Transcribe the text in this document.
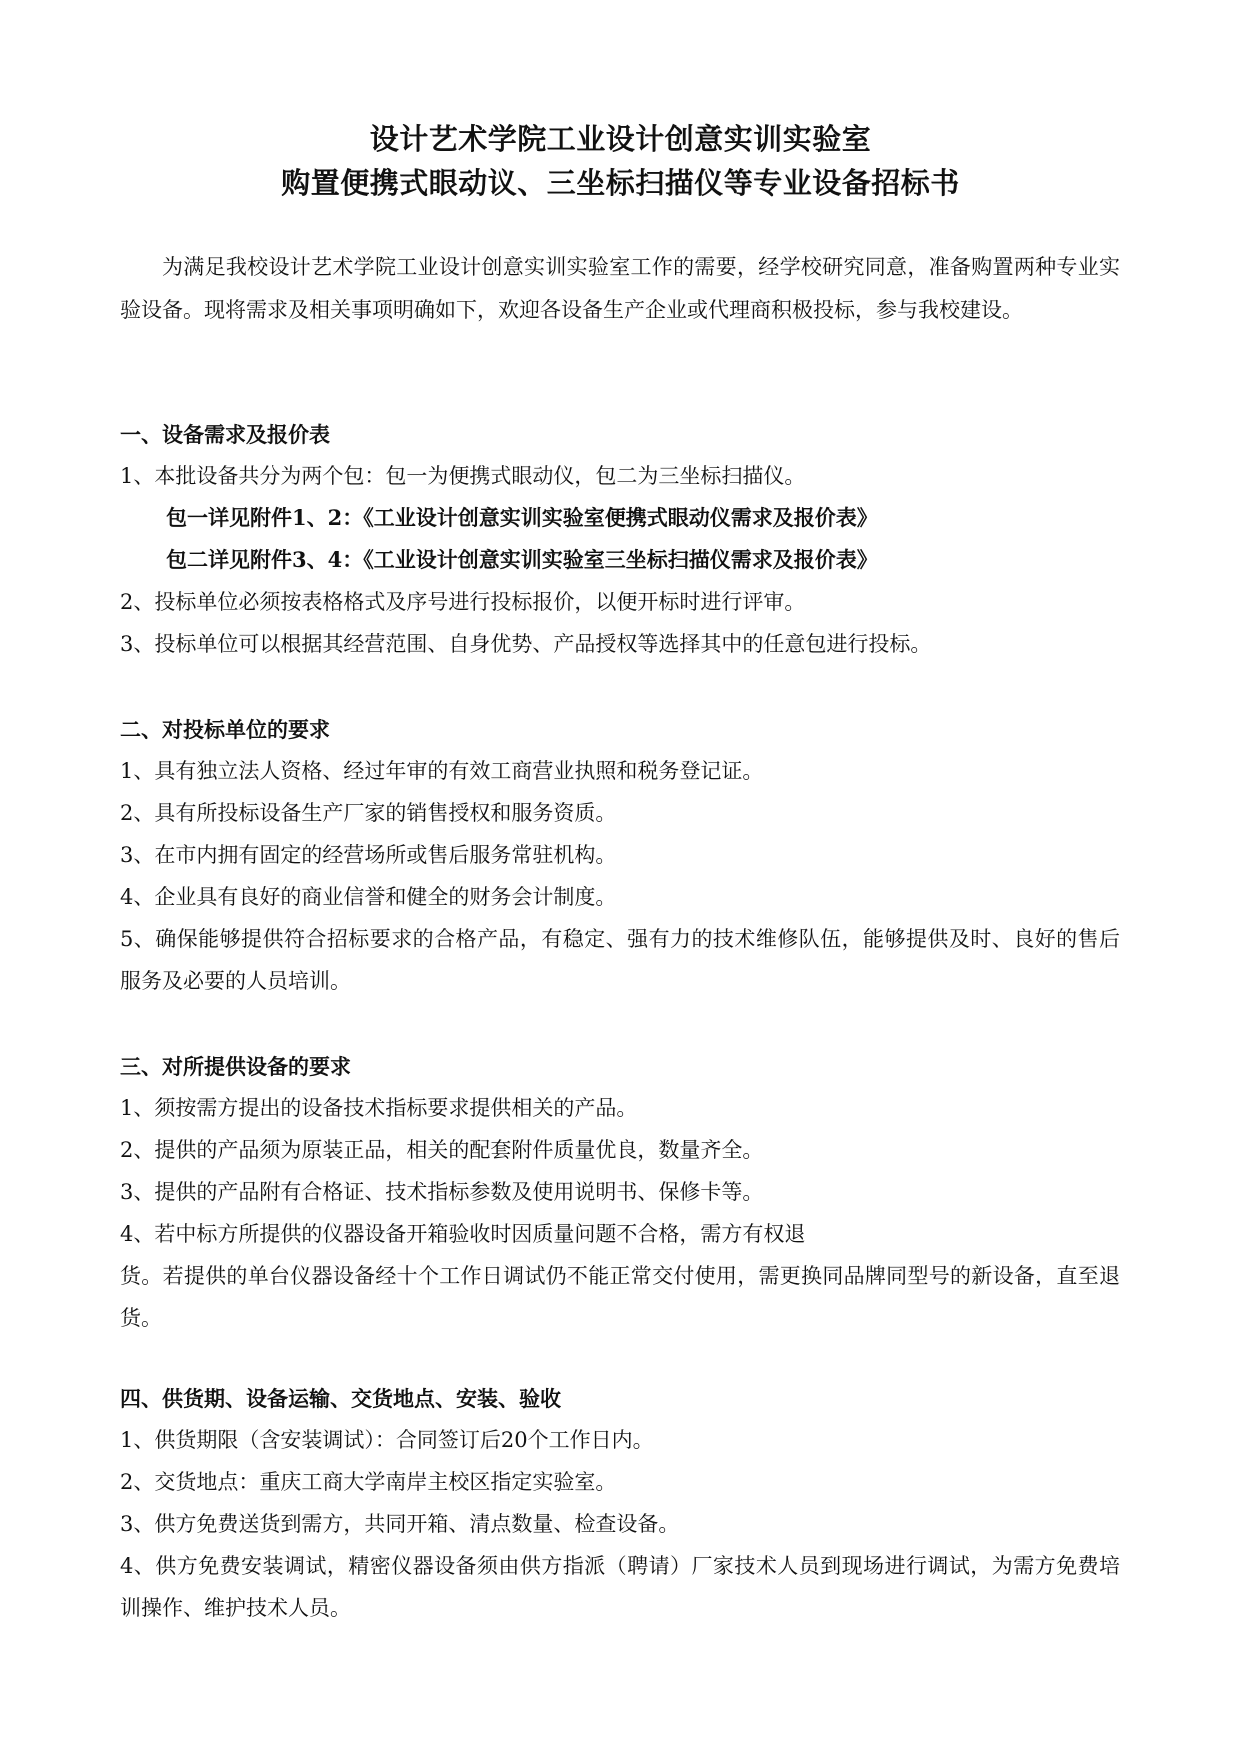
设计艺术学院工业设计创意实训实验室
购置便携式眼动议、三坐标扫描仪等专业设备招标书
为满足我校设计艺术学院工业设计创意实训实验室工作的需要，经学校研究同意，准备购置两种专业实验设备。现将需求及相关事项明确如下，欢迎各设备生产企业或代理商积极投标，参与我校建设。
一、设备需求及报价表
1、本批设备共分为两个包：包一为便携式眼动仪，包二为三坐标扫描仪。
包一详见附件1、2：《工业设计创意实训实验室便携式眼动仪需求及报价表》
包二详见附件3、4：《工业设计创意实训实验室三坐标扫描仪需求及报价表》
2、投标单位必须按表格格式及序号进行投标报价，以便开标时进行评审。
3、投标单位可以根据其经营范围、自身优势、产品授权等选择其中的任意包进行投标。
二、对投标单位的要求
1、具有独立法人资格、经过年审的有效工商营业执照和税务登记证。
2、具有所投标设备生产厂家的销售授权和服务资质。
3、在市内拥有固定的经营场所或售后服务常驻机构。
4、企业具有良好的商业信誉和健全的财务会计制度。
5、确保能够提供符合招标要求的合格产品，有稳定、强有力的技术维修队伍，能够提供及时、良好的售后服务及必要的人员培训。
三、对所提供设备的要求
1、须按需方提出的设备技术指标要求提供相关的产品。
2、提供的产品须为原装正品，相关的配套附件质量优良，数量齐全。
3、提供的产品附有合格证、技术指标参数及使用说明书、保修卡等。
4、若中标方所提供的仪器设备开箱验收时因质量问题不合格，需方有权退
货。若提供的单台仪器设备经十个工作日调试仍不能正常交付使用，需更换同品牌同型号的新设备，直至退货。
四、供货期、设备运输、交货地点、安装、验收
1、供货期限（含安装调试）：合同签订后20个工作日内。
2、交货地点：重庆工商大学南岸主校区指定实验室。
3、供方免费送货到需方，共同开箱、清点数量、检查设备。
4、供方免费安装调试，精密仪器设备须由供方指派（聘请）厂家技术人员到现场进行调试，为需方免费培训操作、维护技术人员。
